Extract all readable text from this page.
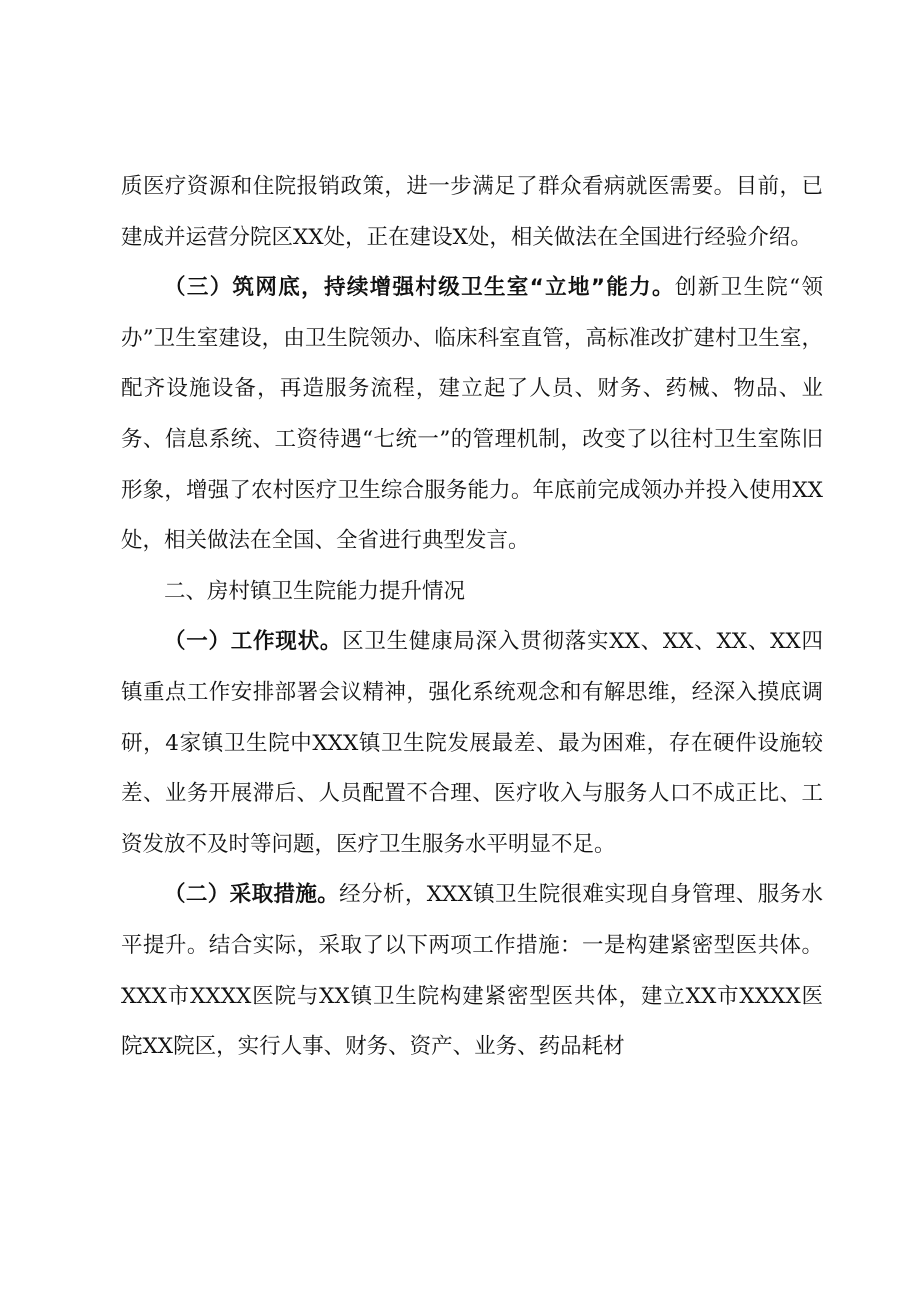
质医疗资源和住院报销政策，进一步满足了群众看病就医需要。目前，已建成并运营分院区XX处，正在建设X处，相关做法在全国进行经验介绍。

（三）筑网底，持续增强村级卫生室“立地”能力。创新卫生院“领办”卫生室建设，由卫生院领办、临床科室直管，高标准改扩建村卫生室，配齐设施设备，再造服务流程，建立起了人员、财务、药械、物品、业务、信息系统、工资待遇“七统一”的管理机制，改变了以往村卫生室陈旧形象，增强了农村医疗卫生综合服务能力。年底前完成领办并投入使用XX处，相关做法在全国、全省进行典型发言。

二、房村镇卫生院能力提升情况

（一）工作现状。区卫生健康局深入贯彻落实XX、XX、XX、XX四镇重点工作安排部署会议精神，强化系统观念和有解思维，经深入摸底调研，4家镇卫生院中XXX镇卫生院发展最差、最为困难，存在硬件设施较差、业务开展滞后、人员配置不合理、医疗收入与服务人口不成正比、工资发放不及时等问题，医疗卫生服务水平明显不足。

（二）采取措施。经分析，XXX镇卫生院很难实现自身管理、服务水平提升。结合实际，采取了以下两项工作措施：一是构建紧密型医共体。XXX市XXXX医院与XX镇卫生院构建紧密型医共体，建立XX市XXXX医院XX院区，实行人事、财务、资产、业务、药品耗材
